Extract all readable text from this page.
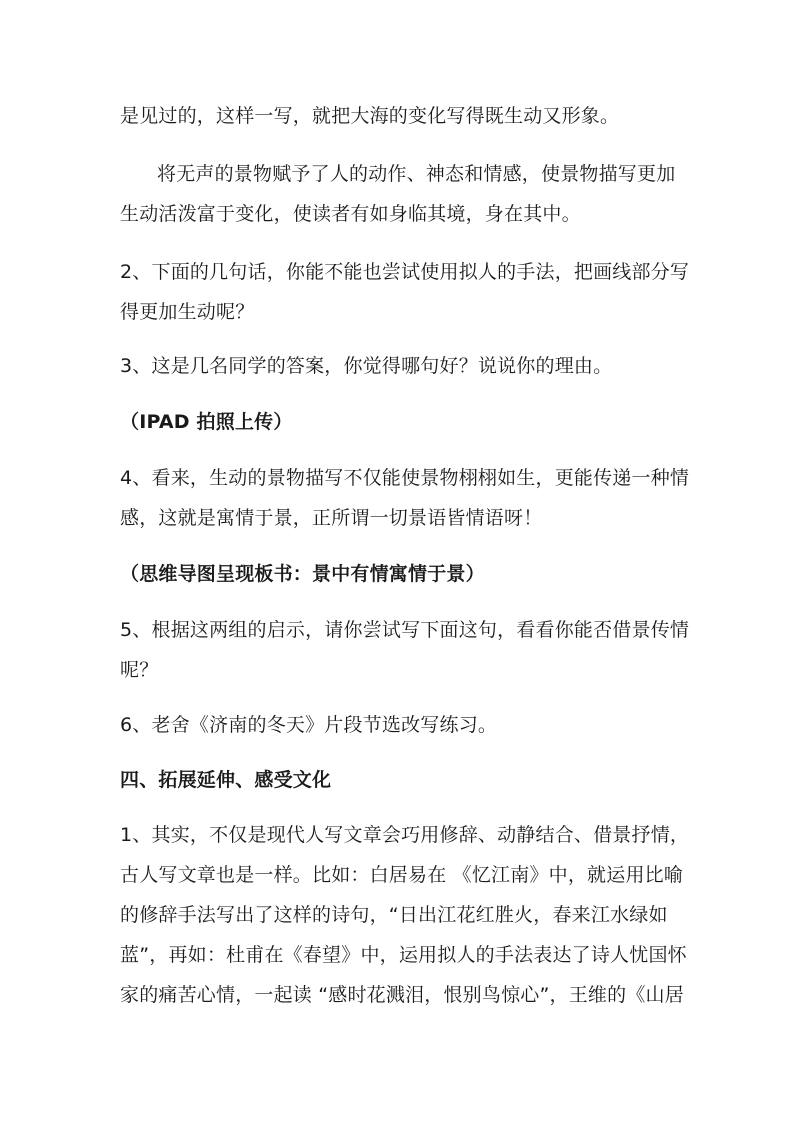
是见过的，这样一写，就把大海的变化写得既生动又形象。
将无声的景物赋予了人的动作、神态和情感，使景物描写更加
生动活泼富于变化，使读者有如身临其境，身在其中。
2、下面的几句话，你能不能也尝试使用拟人的手法，把画线部分写
得更加生动呢？
3、这是几名同学的答案，你觉得哪句好？说说你的理由。
（IPAD 拍照上传）
4、看来，生动的景物描写不仅能使景物栩栩如生，更能传递一种情
感，这就是寓情于景，正所谓一切景语皆情语呀！
（思维导图呈现板书：景中有情寓情于景）
5、根据这两组的启示，请你尝试写下面这句，看看你能否借景传情
呢？
6、老舍《济南的冬天》片段节选改写练习。
四、拓展延伸、感受文化
1、其实，不仅是现代人写文章会巧用修辞、动静结合、借景抒情，
古人写文章也是一样。比如：白居易在 《忆江南》中，就运用比喻
的修辞手法写出了这样的诗句，“日出江花红胜火，春来江水绿如
蓝”，再如：杜甫在《春望》中，运用拟人的手法表达了诗人忧国怀
家的痛苦心情，一起读 “感时花溅泪，恨别鸟惊心”，王维的《山居
